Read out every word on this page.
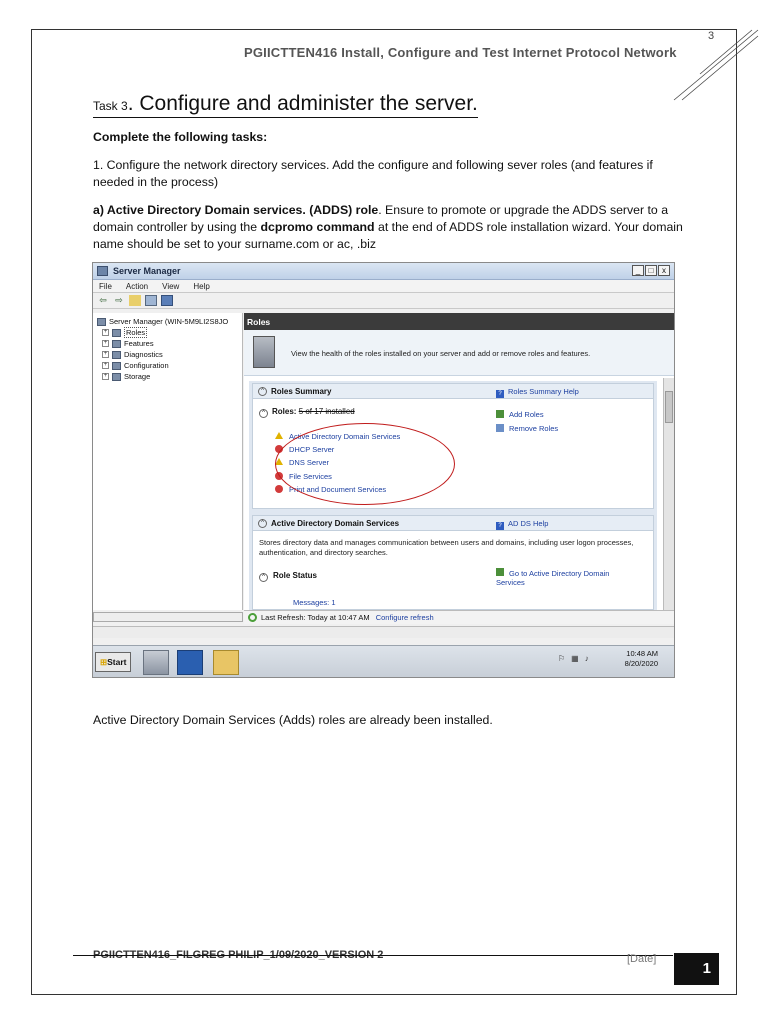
3
PGIICTTEN416 Install, Configure and Test Internet Protocol Network
Task 3. Configure and administer the server.
Complete the following tasks:
1. Configure the network directory services. Add the configure and following sever roles (and features if needed in the process)
a) Active Directory Domain services. (ADDS) role. Ensure to promote or upgrade the ADDS server to a domain controller by using the dcpromo command at the end of ADDS role installation wizard. Your domain name should be set to your surname.com or ac, .biz
Server Manager	_	□	x
File Action View Help
⇦ ⇨
Server Manager (WIN-5M9LI2S8JO
+	Roles
+ Features
+ Diagnostics
+ Configuration
+ Storage
Roles
View the health of the roles installed on your server and add or remove roles and features.
^ Roles Summary	? Roles Summary Help
^ Roles: 5 of 17 installed	Add Roles
Remove Roles
Active Directory Domain Services
DHCP Server
DNS Server
File Services
Print and Document Services
^ Active Directory Domain Services	? AD DS Help
Stores directory data and manages communication between users and domains, including user logon processes, authentication, and directory searches.
^ Role Status	Go to Active Directory Domain Services
Messages: 1
Last Refresh: Today at 10:47 AM Configure refresh
⊞Start	⚐ ▦ ♪
10:48 AM
8/20/2020
Active Directory Domain Services (Adds) roles are already been installed.
PGIICTTEN416_FILGREG PHILIP_1/09/2020_VERSION 2	[Date]
1
